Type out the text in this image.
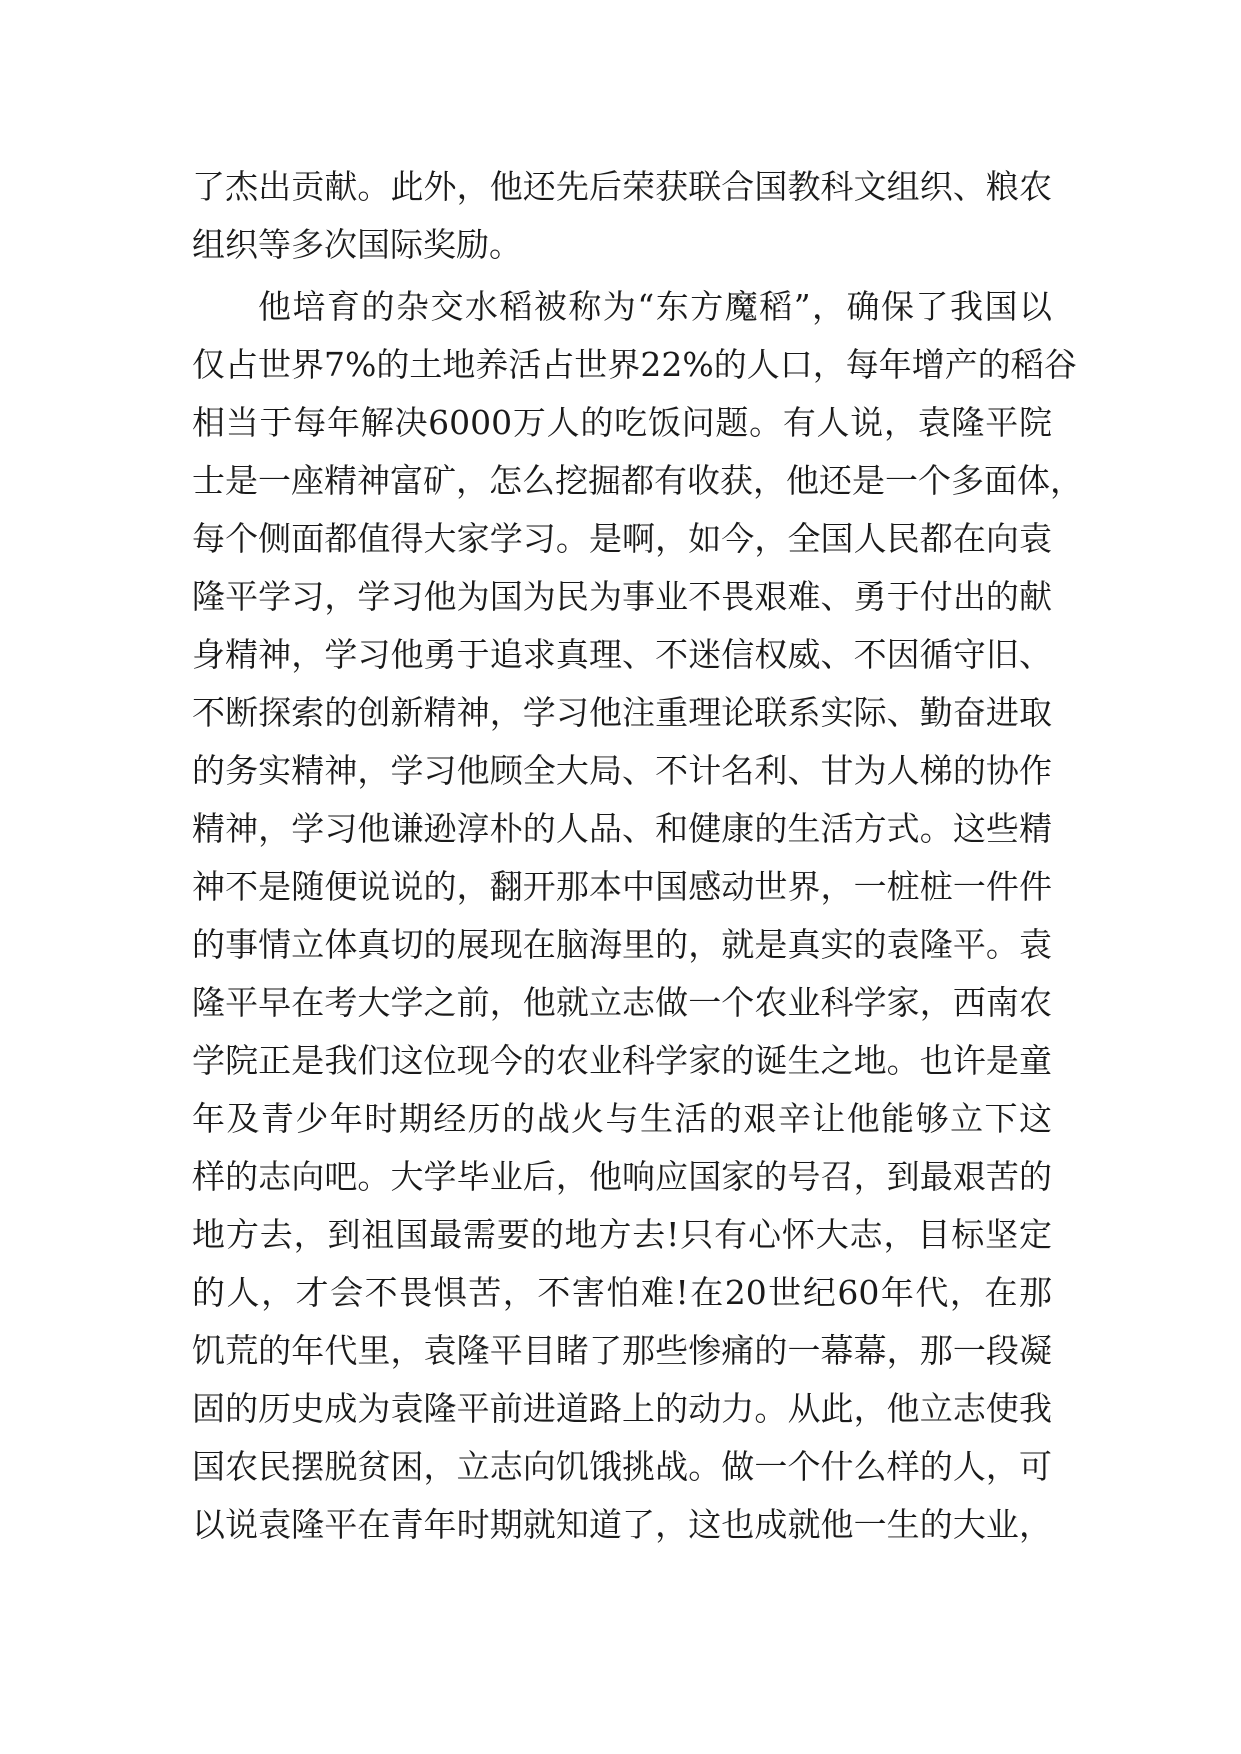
了杰出贡献。此外，他还先后荣获联合国教科文组织、粮农
组织等多次国际奖励。
他培育的杂交水稻被称为“东方魔稻”，确保了我国以
仅占世界7%的土地养活占世界22%的人口，每年增产的稻谷
相当于每年解决6000万人的吃饭问题。有人说，袁隆平院
士是一座精神富矿，怎么挖掘都有收获，他还是一个多面体，
每个侧面都值得大家学习。是啊，如今，全国人民都在向袁
隆平学习，学习他为国为民为事业不畏艰难、勇于付出的献
身精神，学习他勇于追求真理、不迷信权威、不因循守旧、
不断探索的创新精神，学习他注重理论联系实际、勤奋进取
的务实精神，学习他顾全大局、不计名利、甘为人梯的协作
精神，学习他谦逊淳朴的人品、和健康的生活方式。这些精
神不是随便说说的，翻开那本中国感动世界，一桩桩一件件
的事情立体真切的展现在脑海里的，就是真实的袁隆平。袁
隆平早在考大学之前，他就立志做一个农业科学家，西南农
学院正是我们这位现今的农业科学家的诞生之地。也许是童
年及青少年时期经历的战火与生活的艰辛让他能够立下这
样的志向吧。大学毕业后，他响应国家的号召，到最艰苦的
地方去，到祖国最需要的地方去!只有心怀大志，目标坚定
的人，才会不畏惧苦，不害怕难!在20世纪60年代，在那
饥荒的年代里，袁隆平目睹了那些惨痛的一幕幕，那一段凝
固的历史成为袁隆平前进道路上的动力。从此，他立志使我
国农民摆脱贫困，立志向饥饿挑战。做一个什么样的人，可
以说袁隆平在青年时期就知道了，这也成就他一生的大业，
